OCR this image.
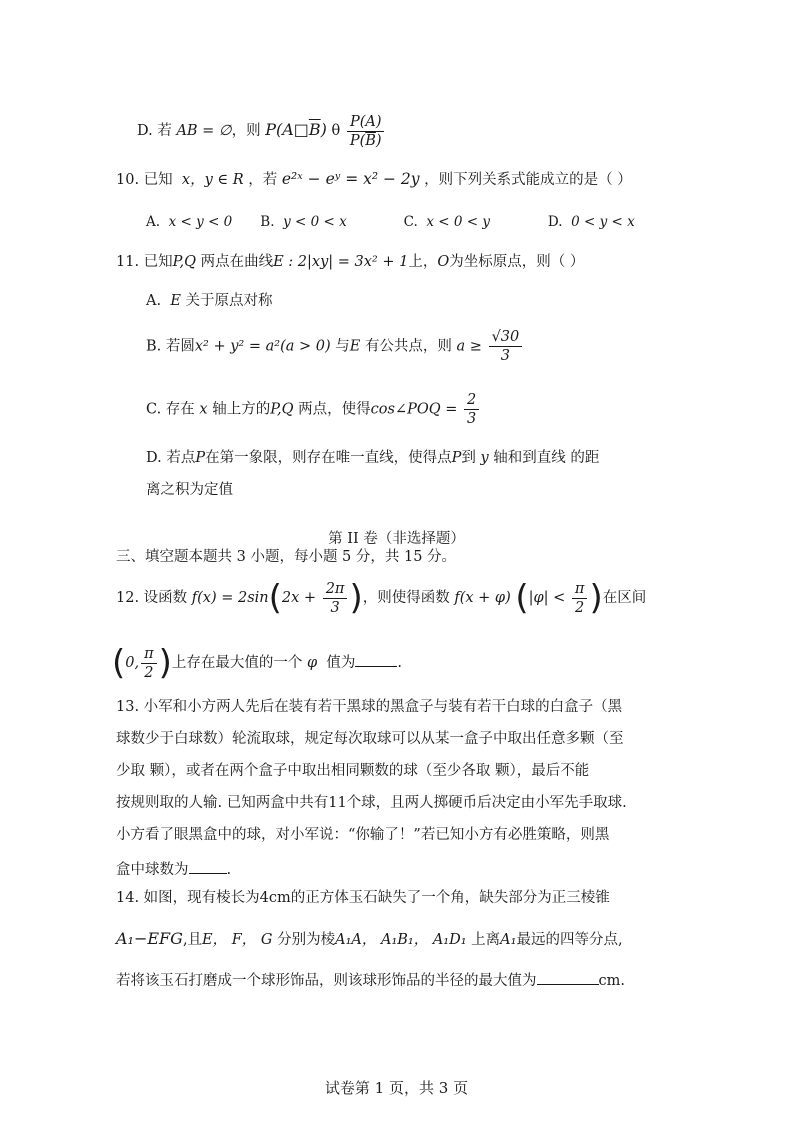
D. 若 AB = ∅，则 $P(A□\overline{B})$ θ $\frac{P(A)}{P(\overline{B})}$
10. 已知 x，y ∈ R ，若 e²ˣ − eʸ = x² − 2y ，则下列关系式能成立的是（ ）
A. x < y < 0 B. y < 0 < x	C. x < 0 < y	D. 0 < y < x
11. 已知P,Q 两点在曲线E : 2|xy| = 3x² + 1上，O为坐标原点，则（ ）
A. E 关于原点对称
B. 若圆x² + y² = a²(a > 0) 与E 有公共点，则 $a \ge \frac{√30}{3}$
C. 存在 x 轴上方的P,Q 两点，使得cos∠POQ = $\frac{2}{3}$
D. 若点P在第一象限，则存在唯一直线，使得点P到 y 轴和到直线 的距
离之积为定值
第 II 卷（非选择题）
三、填空题本题共 3 小题，每小题 5 分，共 15 分。
12. 设函数 $f(x) = 2\sin(2x + \frac{2\pi}{3}$ )，则使得函数 f(x + φ) ($|\varphi| < \frac{\pi}{2}$ )在区间
(0, $\frac{\pi}{2}$ )上存在最大值的一个 φ 值为	.
13. 小军和小方两人先后在装有若干黑球的黑盒子与装有若干白球的白盒子（黑
球数少于白球数）轮流取球，规定每次取球可以从某一盒子中取出任意多颗（至
少取 颗），或者在两个盒子中取出相同颗数的球（至少各取 颗），最后不能
按规则取的人输. 已知两盒中共有11个球，且两人掷硬币后决定由小军先手取球.
小方看了眼黑盒中的球，对小军说：“你输了！”若已知小方有必胜策略，则黑
盒中球数为	.
14. 如图，现有棱长为4cm的正方体玉石缺失了一个角，缺失部分为正三棱锥
A₁−EFG,且E， F， G 分别为棱A₁A， A₁B₁， A₁D₁ 上离A₁最远的四等分点,
若将该玉石打磨成一个球形饰品，则该球形饰品的半径的最大值为	cm.
试卷第 1 页，共 3 页
